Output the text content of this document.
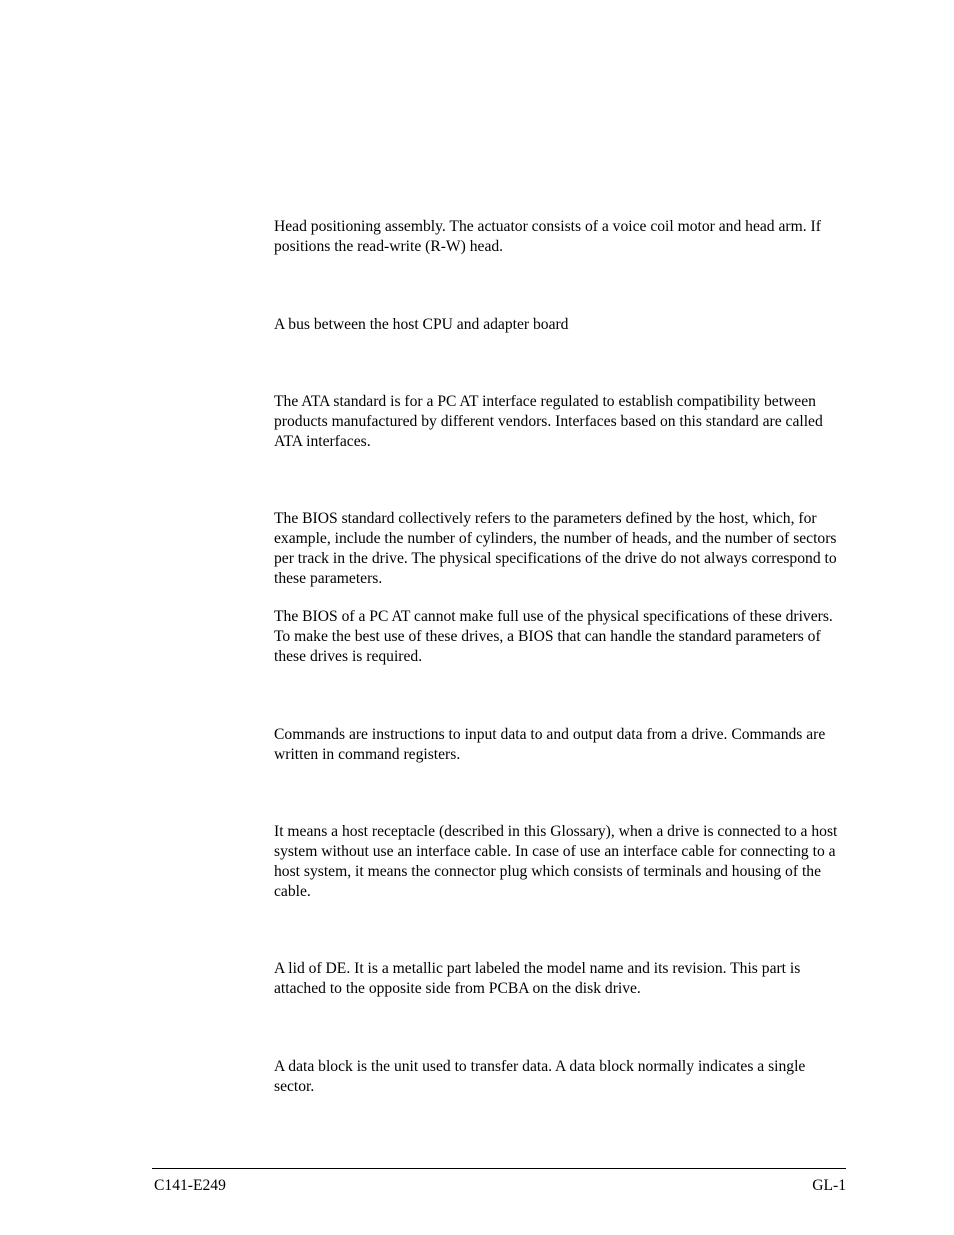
Head positioning assembly. The actuator consists of a voice coil motor and head arm. If positions the read-write (R-W) head.

A bus between the host CPU and adapter board

The ATA standard is for a PC AT interface regulated to establish compatibility between products manufactured by different vendors. Interfaces based on this standard are called ATA interfaces.

The BIOS standard collectively refers to the parameters defined by the host, which, for example, include the number of cylinders, the number of heads, and the number of sectors per track in the drive. The physical specifications of the drive do not always correspond to these parameters.

The BIOS of a PC AT cannot make full use of the physical specifications of these drivers. To make the best use of these drives, a BIOS that can handle the standard parameters of these drives is required.

Commands are instructions to input data to and output data from a drive. Commands are written in command registers.

It means a host receptacle (described in this Glossary), when a drive is connected to a host system without use an interface cable. In case of use an interface cable for connecting to a host system, it means the connector plug which consists of terminals and housing of the cable.

A lid of DE. It is a metallic part labeled the model name and its revision. This part is attached to the opposite side from PCBA on the disk drive.

A data block is the unit used to transfer data. A data block normally indicates a single sector.

C141-E249	GL-1
